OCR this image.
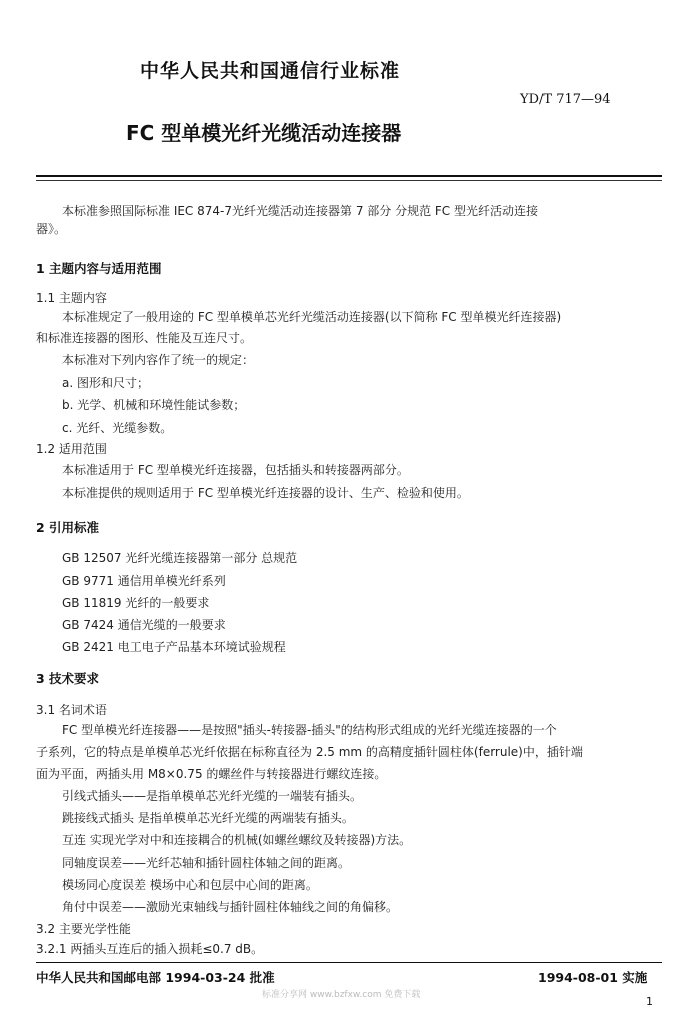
中华人民共和国通信行业标准
YD/T 717—94
FC 型单模光纤光缆活动连接器
本标准参照国际标准 IEC 874-7光纤光缆活动连接器第 7 部分 分规范 FC 型光纤活动连接
器》。
1 主题内容与适用范围
1.1 主题内容
本标准规定了一般用途的 FC 型单模单芯光纤光缆活动连接器(以下简称 FC 型单模光纤连接器)
和标准连接器的图形、性能及互连尺寸。
本标准对下列内容作了统一的规定：
a. 图形和尺寸；
b. 光学、机械和环境性能试参数；
c. 光纤、光缆参数。
1.2 适用范围
本标准适用于 FC 型单模光纤连接器，包括插头和转接器两部分。
本标准提供的规则适用于 FC 型单模光纤连接器的设计、生产、检验和使用。
2 引用标准
GB 12507 光纤光缆连接器第一部分 总规范
GB 9771 通信用单模光纤系列
GB 11819 光纤的一般要求
GB 7424 通信光缆的一般要求
GB 2421 电工电子产品基本环境试验规程
3 技术要求
3.1 名词术语
FC 型单模光纤连接器——是按照"插头-转接器-插头"的结构形式组成的光纤光缆连接器的一个
子系列，它的特点是单模单芯光纤依据在标称直径为 2.5 mm 的高精度插针圆柱体(ferrule)中，插针端
面为平面，两插头用 M8×0.75 的螺丝件与转接器进行螺纹连接。
引线式插头——是指单模单芯光纤光缆的一端装有插头。
跳接线式插头 是指单模单芯光纤光缆的两端装有插头。
互连 实现光学对中和连接耦合的机械(如螺丝螺纹及转接器)方法。
同轴度误差——光纤芯轴和插针圆柱体轴之间的距离。
模场同心度误差 模场中心和包层中心间的距离。
角付中误差——激励光束轴线与插针圆柱体轴线之间的角偏移。
3.2 主要光学性能
3.2.1 两插头互连后的插入损耗≤0.7 dB。
中华人民共和国邮电部 1994-03-24 批准	1994-08-01 实施
标准分享网 www.bzfxw.com 免费下载	1
